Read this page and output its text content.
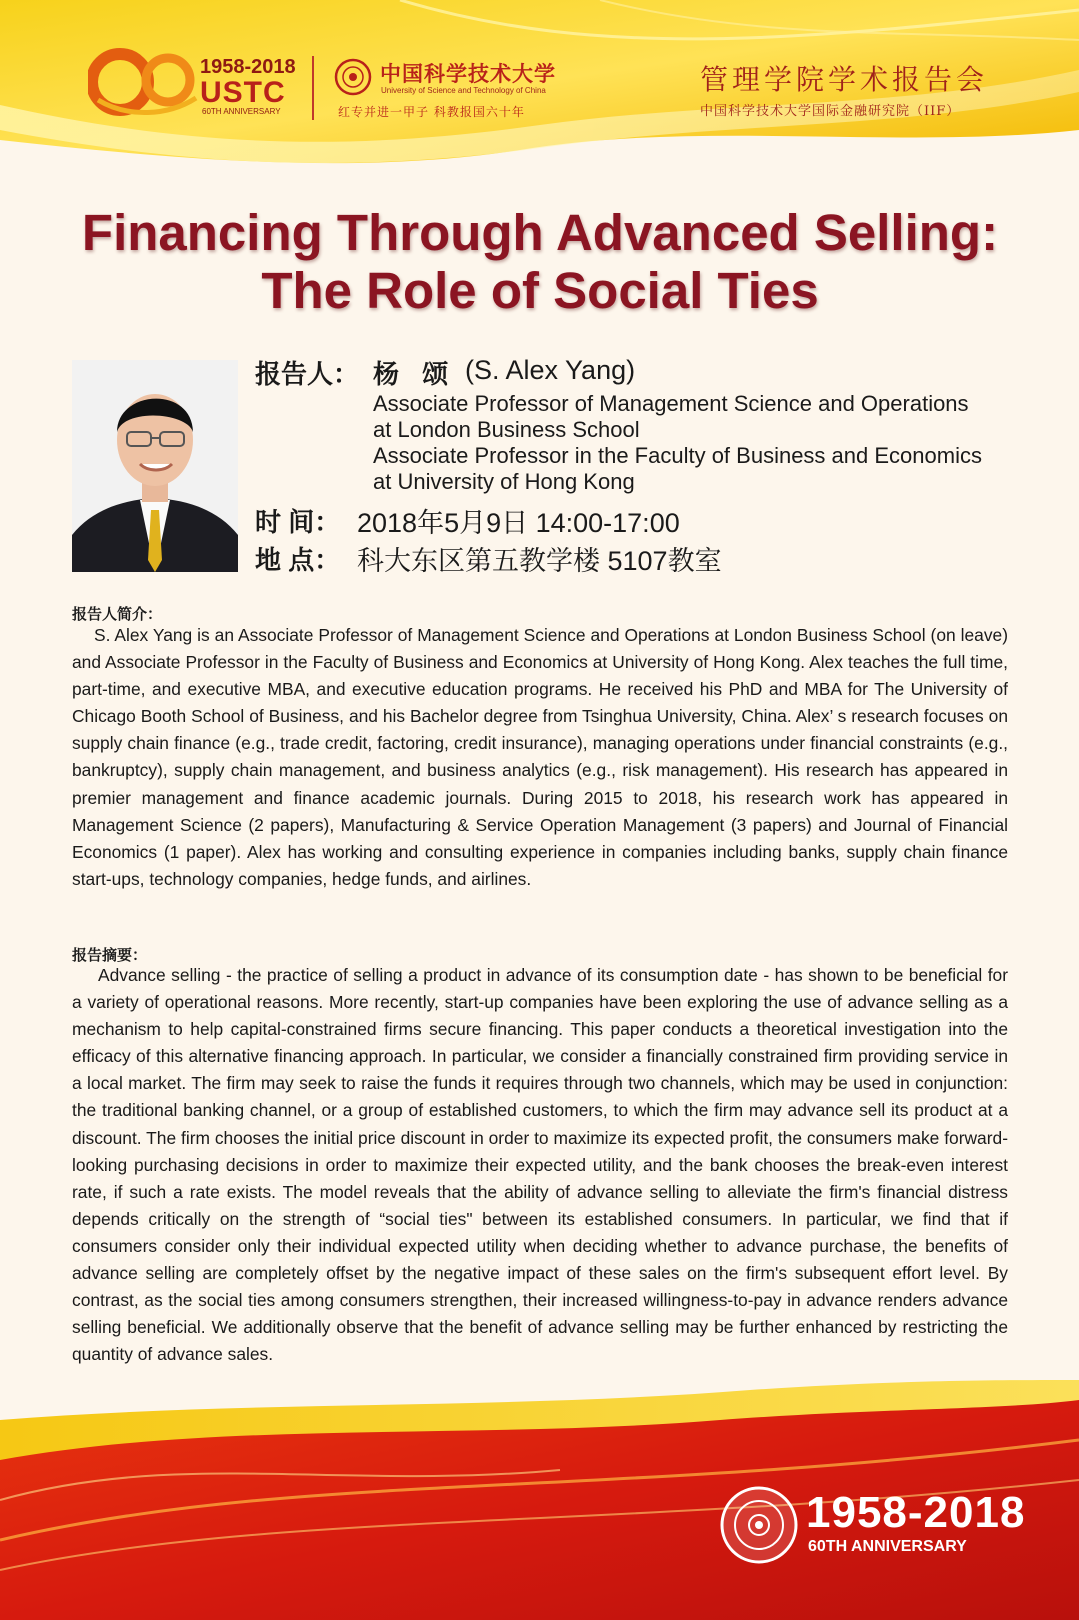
1958-2018
USTC
60TH ANNIVERSARY
中国科学技术大学
University of Science and Technology of China
红专并进一甲子 科教报国六十年
管理学院学术报告会
中国科学技术大学国际金融研究院（IIF）
Financing Through Advanced Selling:
The Role of Social Ties
报告人： 杨 颂 (S. Alex Yang)
Associate Professor of Management Science and Operations
at London Business School
Associate Professor in the Faculty of Business and Economics
at University of Hong Kong
时 间： 2018年5月9日 14:00-17:00
地 点： 科大东区第五教学楼 5107教室
报告人简介：
S. Alex Yang is an Associate Professor of Management Science and Operations at London Business School (on leave) and Associate Professor in the Faculty of Business and Economics at University of Hong Kong. Alex teaches the full time, part-time, and executive MBA, and executive education programs. He received his PhD and MBA for The University of Chicago Booth School of Business, and his Bachelor degree from Tsinghua University, China. Alex’ s research focuses on supply chain finance (e.g., trade credit, factoring, credit insurance), managing operations under financial constraints (e.g., bankruptcy), supply chain management, and business analytics (e.g., risk management). His research has appeared in premier management and finance academic journals. During 2015 to 2018, his research work has appeared in Management Science (2 papers), Manufacturing & Service Operation Management (3 papers) and Journal of Financial Economics (1 paper). Alex has working and consulting experience in companies including banks, supply chain finance start-ups, technology companies, hedge funds, and airlines.
报告摘要：
Advance selling - the practice of selling a product in advance of its consumption date - has shown to be beneficial for a variety of operational reasons. More recently, start-up companies have been exploring the use of advance selling as a mechanism to help capital-constrained firms secure financing. This paper conducts a theoretical investigation into the efficacy of this alternative financing approach. In particular, we consider a financially constrained firm providing service in a local market. The firm may seek to raise the funds it requires through two channels, which may be used in conjunction: the traditional banking channel, or a group of established customers, to which the firm may advance sell its product at a discount. The firm chooses the initial price discount in order to maximize its expected profit, the consumers make forward-looking purchasing decisions in order to maximize their expected utility, and the bank chooses the break-even interest rate, if such a rate exists. The model reveals that the ability of advance selling to alleviate the firm's financial distress depends critically on the strength of “social ties" between its established consumers. In particular, we find that if consumers consider only their individual expected utility when deciding whether to advance purchase, the benefits of advance selling are completely offset by the negative impact of these sales on the firm's subsequent effort level. By contrast, as the social ties among consumers strengthen, their increased willingness-to-pay in advance renders advance selling beneficial. We additionally observe that the benefit of advance selling may be further enhanced by restricting the quantity of advance sales.
1958-2018
60TH ANNIVERSARY
